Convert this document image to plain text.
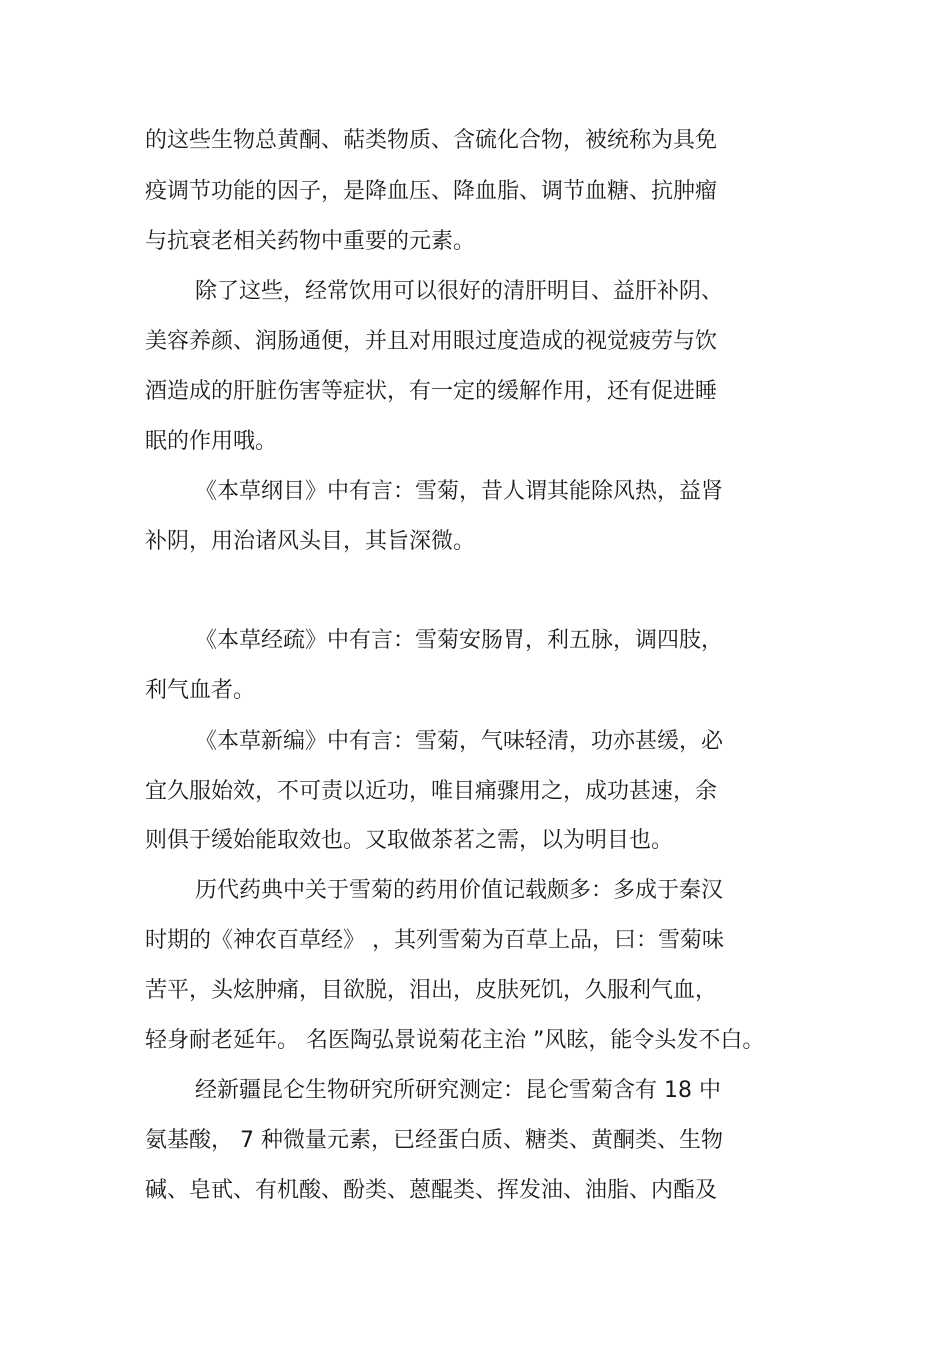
的这些生物总黄酮、萜类物质、含硫化合物，被统称为具免
疫调节功能的因子，是降血压、降血脂、调节血糖、抗肿瘤
与抗衰老相关药物中重要的元素。
除了这些，经常饮用可以很好的清肝明目、益肝补阴、
美容养颜、润肠通便，并且对用眼过度造成的视觉疲劳与饮
酒造成的肝脏伤害等症状，有一定的缓解作用，还有促进睡
眠的作用哦。
《本草纲目》中有言：雪菊，昔人谓其能除风热，益肾
补阴，用治诸风头目，其旨深微。
《本草经疏》中有言：雪菊安肠胃，利五脉，调四肢，
利气血者。
《本草新编》中有言：雪菊，气味轻清，功亦甚缓，必
宜久服始效，不可责以近功，唯目痛骤用之，成功甚速，余
则俱于缓始能取效也。又取做茶茗之需，以为明目也。
历代药典中关于雪菊的药用价值记载颇多：多成于秦汉
时期的《神农百草经》 ，其列雪菊为百草上品，曰：雪菊味
苦平，头炫肿痛，目欲脱，泪出，皮肤死饥，久服利气血，
轻身耐老延年。 名医陶弘景说菊花主治 ”风眩，能令头发不白。
经新疆昆仑生物研究所研究测定：昆仑雪菊含有 18 中
氨基酸， 7 种微量元素，已经蛋白质、糖类、黄酮类、生物
碱、皂甙、有机酸、酚类、蒽醌类、挥发油、油脂、内酯及
